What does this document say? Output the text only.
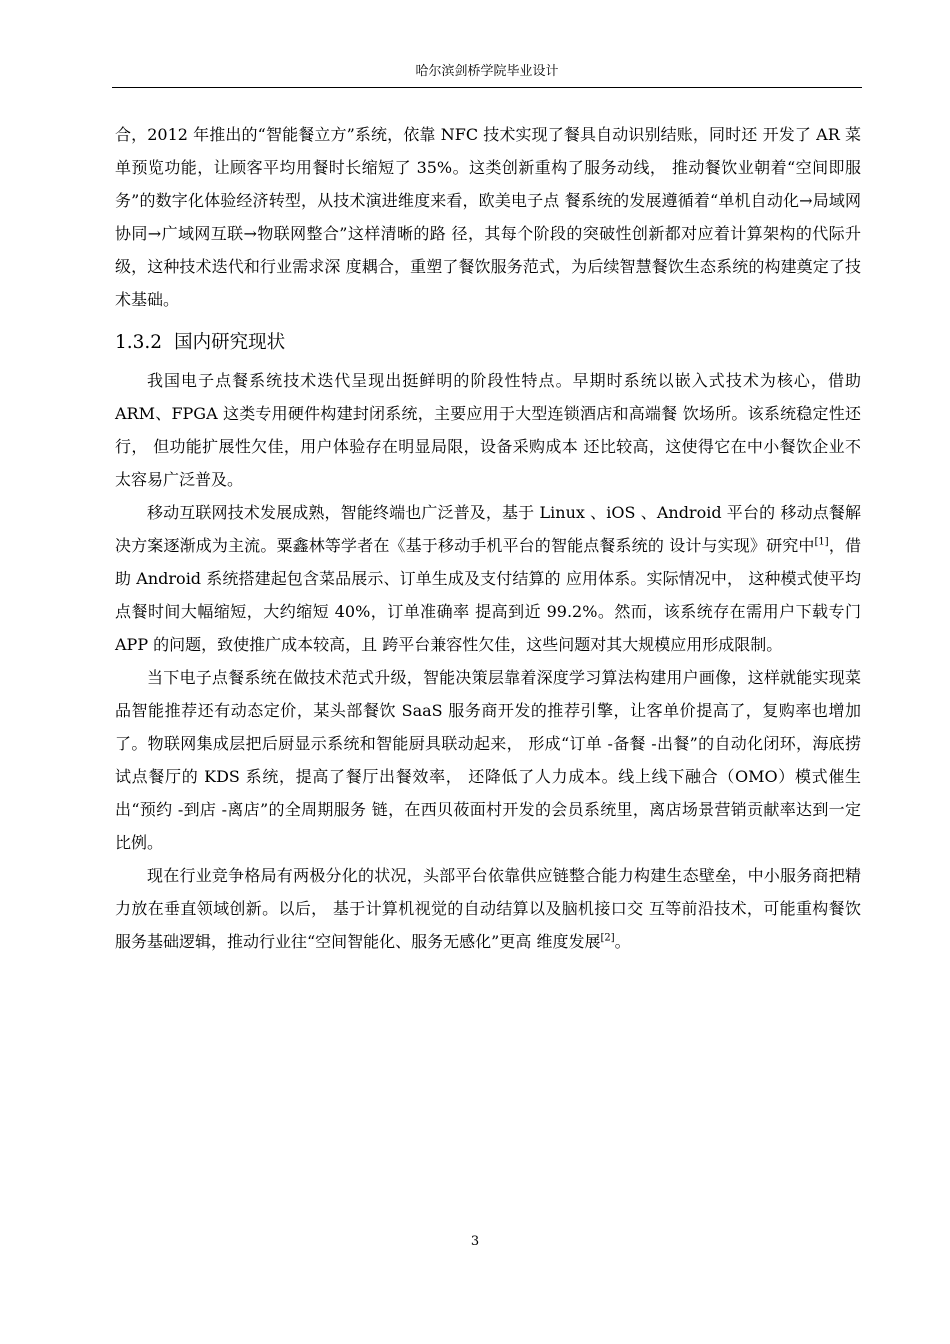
哈尔滨剑桥学院毕业设计

合，2012 年推出的“智能餐立方”系统，依靠 NFC 技术实现了餐具自动识别结账，同时还 开发了 AR 菜单预览功能，让顾客平均用餐时长缩短了 35%。这类创新重构了服务动线， 推动餐饮业朝着“空间即服务”的数字化体验经济转型，从技术演进维度来看，欧美电子点 餐系统的发展遵循着“单机自动化→局域网协同→广域网互联→物联网整合”这样清晰的路 径，其每个阶段的突破性创新都对应着计算架构的代际升级，这种技术迭代和行业需求深 度耦合，重塑了餐饮服务范式，为后续智慧餐饮生态系统的构建奠定了技术基础。

1.3.2 国内研究现状

我国电子点餐系统技术迭代呈现出挺鲜明的阶段性特点。早期时系统以嵌入式技术为核心，借助 ARM、FPGA 这类专用硬件构建封闭系统，主要应用于大型连锁酒店和高端餐 饮场所。该系统稳定性还行， 但功能扩展性欠佳，用户体验存在明显局限，设备采购成本 还比较高，这使得它在中小餐饮企业不太容易广泛普及。

移动互联网技术发展成熟，智能终端也广泛普及，基于 Linux 、iOS 、Android 平台的 移动点餐解决方案逐渐成为主流。粟鑫林等学者在《基于移动手机平台的智能点餐系统的 设计与实现》研究中[1]，借助 Android 系统搭建起包含菜品展示、订单生成及支付结算的 应用体系。实际情况中， 这种模式使平均点餐时间大幅缩短，大约缩短 40%，订单准确率 提高到近 99.2%。然而，该系统存在需用户下载专门 APP 的问题，致使推广成本较高，且 跨平台兼容性欠佳，这些问题对其大规模应用形成限制。

当下电子点餐系统在做技术范式升级，智能决策层靠着深度学习算法构建用户画像，这样就能实现菜品智能推荐还有动态定价，某头部餐饮 SaaS 服务商开发的推荐引擎，让客单价提高了，复购率也增加了。物联网集成层把后厨显示系统和智能厨具联动起来， 形成“订单 -备餐 -出餐”的自动化闭环，海底捞试点餐厅的 KDS 系统，提高了餐厅出餐效率， 还降低了人力成本。线上线下融合（OMO）模式催生出“预约 -到店 -离店”的全周期服务 链，在西贝莜面村开发的会员系统里，离店场景营销贡献率达到一定比例。

现在行业竞争格局有两极分化的状况，头部平台依靠供应链整合能力构建生态壁垒，中小服务商把精力放在垂直领域创新。以后， 基于计算机视觉的自动结算以及脑机接口交 互等前沿技术，可能重构餐饮服务基础逻辑，推动行业往“空间智能化、服务无感化”更高 维度发展[2]。

3
